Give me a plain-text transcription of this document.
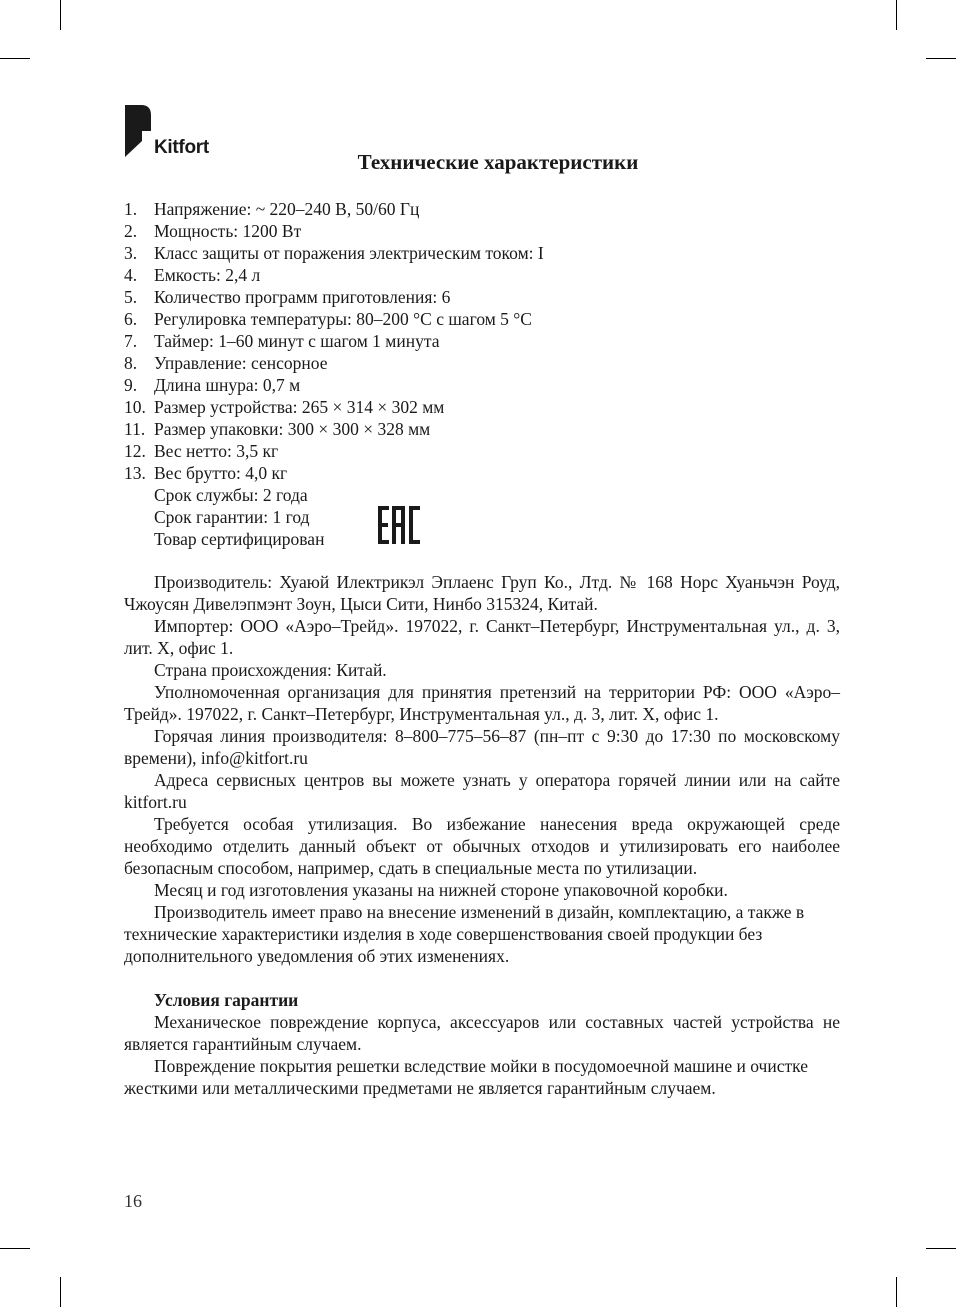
Kitfort
Технические характеристики
1. Напряжение: ~ 220–240 В, 50/60 Гц
2. Мощность: 1200 Вт
3. Класс защиты от поражения электрическим током: I
4. Емкость: 2,4 л
5. Количество программ приготовления: 6
6. Регулировка температуры: 80–200 °С с шагом 5 °С
7. Таймер: 1–60 минут с шагом 1 минута
8. Управление: сенсорное
9. Длина шнура: 0,7 м
10. Размер устройства: 265 × 314 × 302 мм
11. Размер упаковки: 300 × 300 × 328 мм
12. Вес нетто: 3,5 кг
13. Вес брутто: 4,0 кг
Срок службы: 2 года
Срок гарантии: 1 год
Товар сертифицирован

Производитель: Хуаюй Илектрикэл Эплаенс Груп Ко., Лтд. № 168 Норс Хуаньчэн Роуд, Чжоусян Дивелэпмэнт Зоун, Цыси Сити, Нинбо 315324, Китай.

Импортер: ООО «Аэро–Трейд». 197022, г. Санкт–Петербург, Инструментальная ул., д. 3, лит. Х, офис 1.

Страна происхождения: Китай.

Уполномоченная организация для принятия претензий на территории РФ: ООО «Аэро–Трейд». 197022, г. Санкт–Петербург, Инструментальная ул., д. 3, лит. Х, офис 1.

Горячая линия производителя: 8–800–775–56–87 (пн–пт с 9:30 до 17:30 по московскому времени), info@kitfort.ru

Адреса сервисных центров вы можете узнать у оператора горячей линии или на сайте kitfort.ru

Требуется особая утилизация. Во избежание нанесения вреда окружающей среде необходимо отделить данный объект от обычных отходов и утилизировать его наиболее безопасным способом, например, сдать в специальные места по утилизации.

Месяц и год изготовления указаны на нижней стороне упаковочной коробки.

Производитель имеет право на внесение изменений в дизайн, комплектацию, а также в технические характеристики изделия в ходе совершенствования своей продукции без дополнительного уведомления об этих изменениях.

Условия гарантии

Механическое повреждение корпуса, аксессуаров или составных частей устройства не является гарантийным случаем.

Повреждение покрытия решетки вследствие мойки в посудомоечной машине и очистке жесткими или металлическими предметами не является гарантийным случаем.

16
